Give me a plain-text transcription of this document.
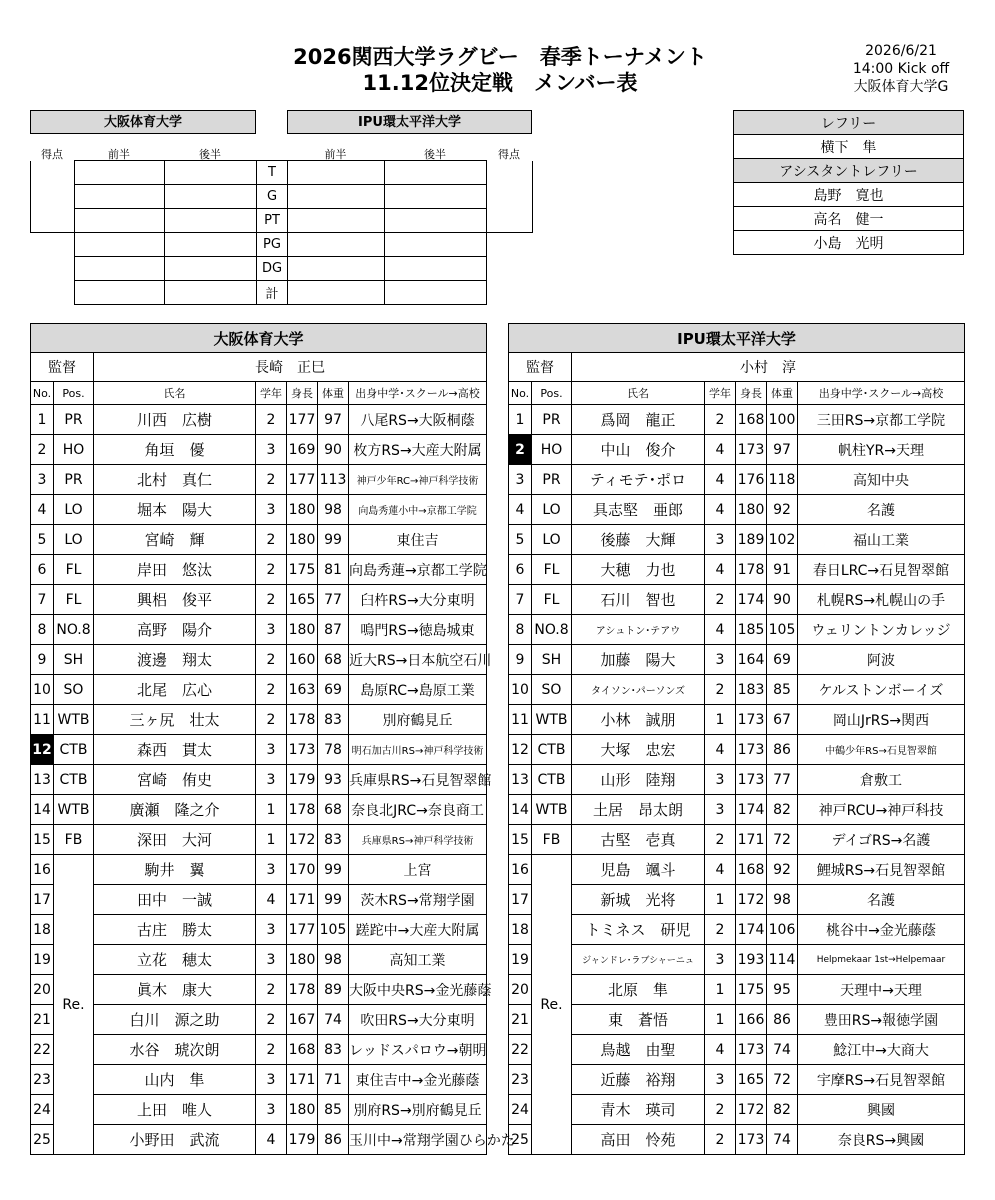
2026関西大学ラグビー　春季トーナメント
11.12位決定戦　メンバー表
2026/6/21
14:00 Kick off
大阪体育大学G
大阪体育大学	IPU環太平洋大学
得点	前半	後半	前半	後半	得点
			T			
			G			
			PT			
			PG			
			DG			
			計			
レフリー
横下　隼
アシスタントレフリー
島野　寛也
高名　健一
小島　光明
大阪体育大学						
監督		長崎　正巳				
No.	Pos.	氏名	学年	身長	体重	出身中学･スクール→高校
1	PR	川西　広樹	2	177	97	八尾RS→大阪桐蔭
2	HO	角垣　優	3	169	90	枚方RS→大産大附属
3	PR	北村　真仁	2	177	113	神戸少年RC→神戸科学技術
4	LO	堀本　陽大	3	180	98	向島秀蓮小中→京都工学院
5	LO	宮崎　輝	2	180	99	東住吉
6	FL	岸田　悠汰	2	175	81	向島秀蓮→京都工学院
7	FL	興梠　俊平	2	165	77	臼杵RS→大分東明
8	NO.8	高野　陽介	3	180	87	鳴門RS→徳島城東
9	SH	渡邊　翔太	2	160	68	近大RS→日本航空石川
10	SO	北尾　広心	2	163	69	島原RC→島原工業
11	WTB	三ヶ尻　壮太	2	178	83	別府鶴見丘
12	CTB	森西　貫太	3	173	78	明石加古川RS→神戸科学技術
13	CTB	宮崎　侑史	3	179	93	兵庫県RS→石見智翠館
14	WTB	廣瀬　隆之介	1	178	68	奈良北JRC→奈良商工
15	FB	深田　大河	1	172	83	兵庫県RS→神戸科学技術
16	Re.	駒井　翼	3	170	99	上宮
17		田中　一誠	4	171	99	茨木RS→常翔学園
18		古庄　勝太	3	177	105	蹉跎中→大産大附属
19		立花　穂太	3	180	98	高知工業
20		眞木　康大	2	178	89	大阪中央RS→金光藤蔭
21		白川　源之助	2	167	74	吹田RS→大分東明
22		水谷　琥次朗	2	168	83	レッドスパロウ→朝明
23		山内　隼	3	171	71	東住吉中→金光藤蔭
24		上田　唯人	3	180	85	別府RS→別府鶴見丘
25		小野田　武流	4	179	86	玉川中→常翔学園ひらかた
IPU環太平洋大学						
監督		小村　淳				
No.	Pos.	氏名	学年	身長	体重	出身中学･スクール→高校
1	PR	爲岡　龍正	2	168	100	三田RS→京都工学院
2	HO	中山　俊介	4	173	97	帆柱YR→天理
3	PR	ティモテ･ポロ	4	176	118	高知中央
4	LO	具志堅　亜郎	4	180	92	名護
5	LO	後藤　大輝	3	189	102	福山工業
6	FL	大穂　力也	4	178	91	春日LRC→石見智翠館
7	FL	石川　智也	2	174	90	札幌RS→札幌山の手
8	NO.8	アシュトン･テアウ	4	185	105	ウェリントンカレッジ
9	SH	加藤　陽大	3	164	69	阿波
10	SO	タイソン･パーソンズ	2	183	85	ケルストンボーイズ
11	WTB	小林　誠朋	1	173	67	岡山JrRS→関西
12	CTB	大塚　忠宏	4	173	86	中鶴少年RS→石見智翠館
13	CTB	山形　陸翔	3	173	77	倉敷工
14	WTB	土居　昂太朗	3	174	82	神戸RCU→神戸科技
15	FB	古堅　壱真	2	171	72	デイゴRS→名護
16	Re.	児島　颯斗	4	168	92	鯉城RS→石見智翠館
17		新城　光将	1	172	98	名護
18		トミネス　研児	2	174	106	桃谷中→金光藤蔭
19		ジャンドレ･ラブシャーニュ	3	193	114	Helpmekaar 1st→Helpemaar
20		北原　隼	1	175	95	天理中→天理
21		東　蒼悟	1	166	86	豊田RS→報徳学園
22		鳥越　由聖	4	173	74	鯰江中→大商大
23		近藤　裕翔	3	165	72	宇摩RS→石見智翠館
24		青木　瑛司	2	172	82	興國
25		高田　怜苑	2	173	74	奈良RS→興國
